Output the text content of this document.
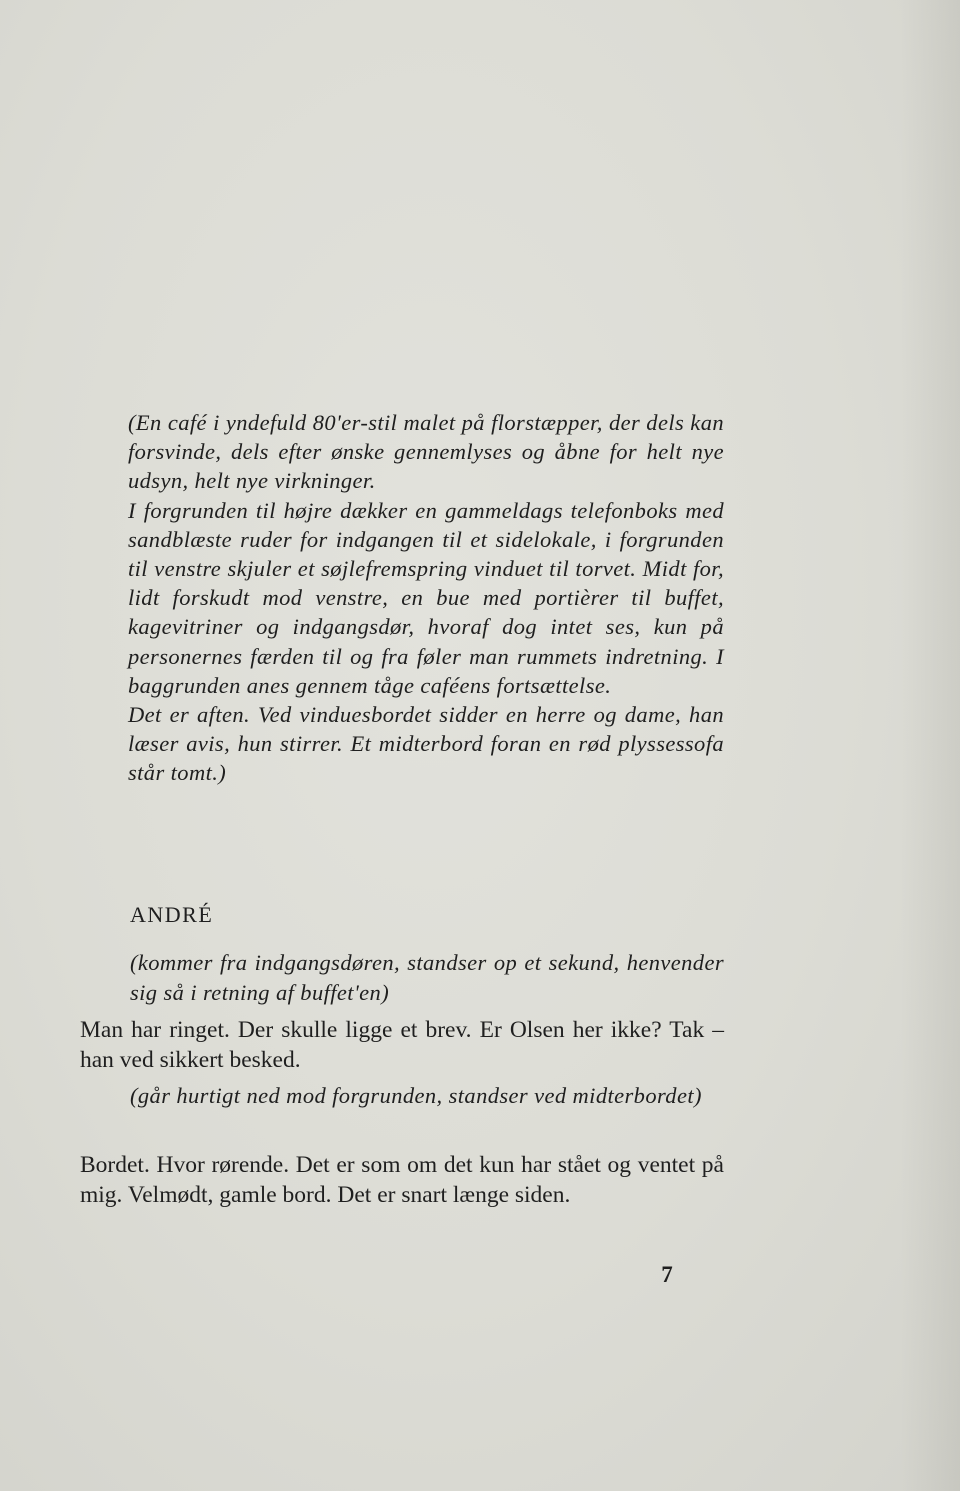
(En café i yndefuld 80'er-stil malet på florstæpper, der dels kan forsvinde, dels efter ønske gennemlyses og åbne for helt nye udsyn, helt nye virkninger.

I forgrunden til højre dækker en gammeldags telefonboks med sandblæste ruder for indgangen til et sidelokale, i forgrunden til venstre skjuler et søjlefremspring vinduet til torvet. Midt for, lidt forskudt mod venstre, en bue med portièrer til buffet, kagevitriner og indgangsdør, hvoraf dog intet ses, kun på personernes færden til og fra føler man rummets indretning. I baggrunden anes gennem tåge caféens fortsættelse.

Det er aften. Ved vinduesbordet sidder en herre og dame, han læser avis, hun stirrer. Et midterbord foran en rød plyssessofa står tomt.)

ANDRÉ

(kommer fra indgangsdøren, standser op et sekund, henvender sig så i retning af buffet'en)

Man har ringet. Der skulle ligge et brev. Er Olsen her ikke? Tak – han ved sikkert besked.

(går hurtigt ned mod forgrunden, standser ved midterbordet)

Bordet. Hvor rørende. Det er som om det kun har stået og ventet på mig. Velmødt, gamle bord. Det er snart længe siden.

7
